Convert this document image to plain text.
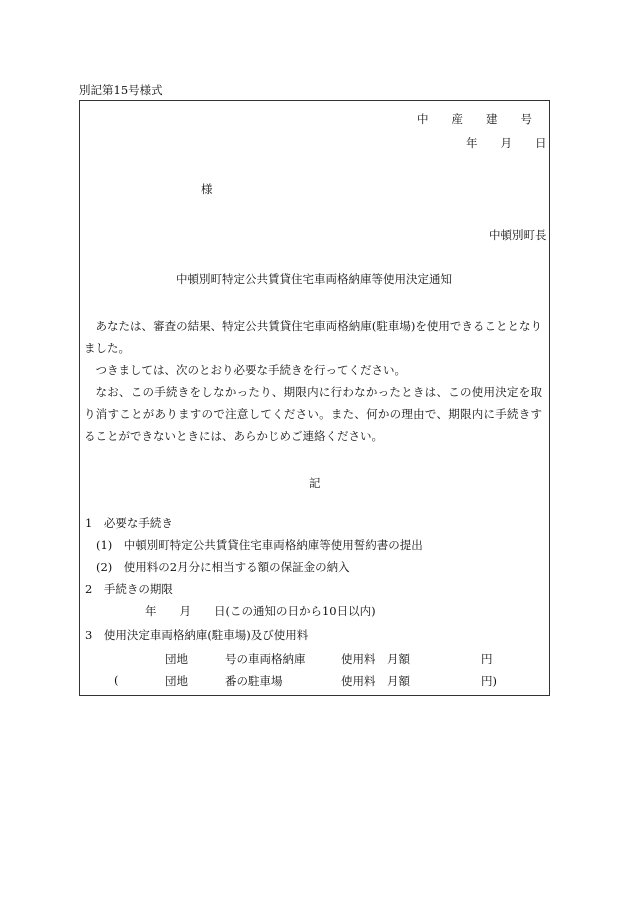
別記第15号様式
中　　産　　建　　号
年　　月　　日
様
中頓別町長
中頓別町特定公共賃貸住宅車両格納庫等使用決定通知
あなたは、審査の結果、特定公共賃貸住宅車両格納庫(駐車場)を使用できることとなりました。
つきましては、次のとおり必要な手続きを行ってください。
なお、この手続きをしなかったり、期限内に行わなかったときは、この使用決定を取り消すことがありますので注意してください。また、何かの理由で、期限内に手続きすることができないときには、あらかじめご連絡ください。
記
1　必要な手続き
(1)　中頓別町特定公共賃貸住宅車両格納庫等使用誓約書の提出
(2)　使用料の2月分に相当する額の保証金の納入
2　手続きの期限
年　　月　　日(この通知の日から10日以内)
3　使用決定車両格納庫(駐車場)及び使用料
団地	号の車両格納庫	使用料　月額	円
(	団地	番の駐車場	使用料　月額	円)
